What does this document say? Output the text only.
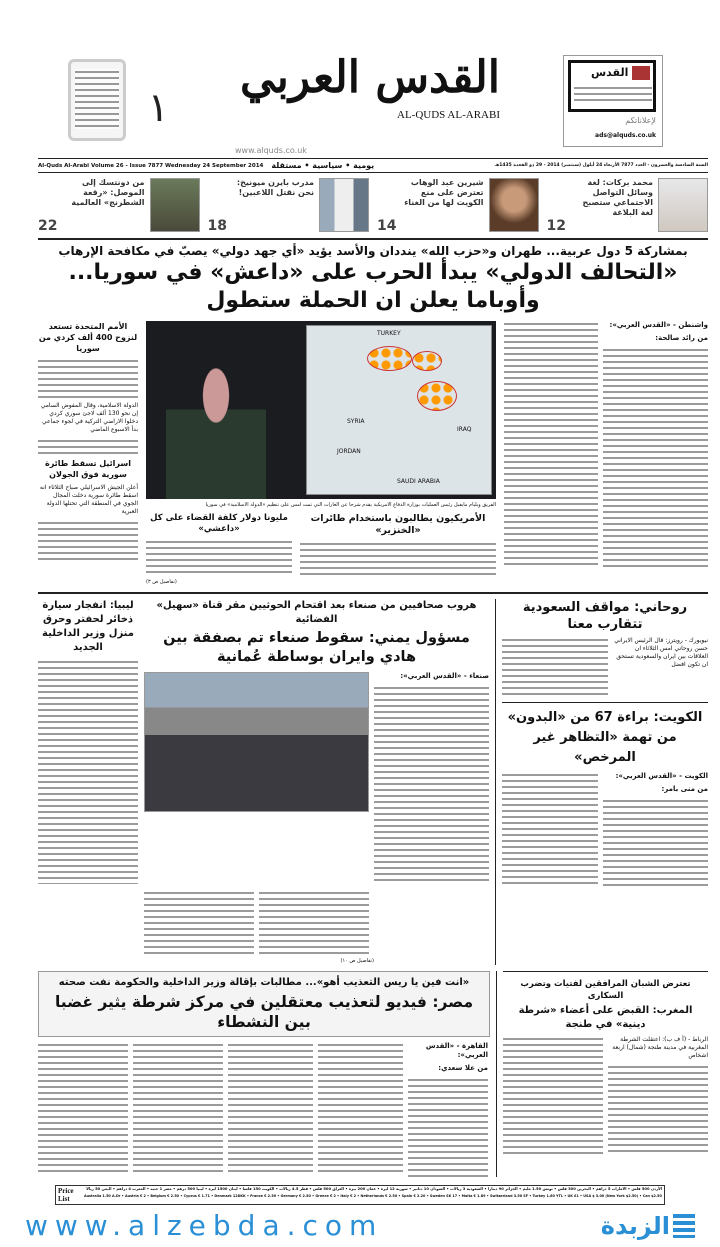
١
القدس العربي
AL-QUDS AL-ARABI
www.alquds.co.uk
القدس
لإعلاناتكم
ads@alquds.co.uk
Al-Quds Al-Arabi Volume 26 - Issue 7877 Wednesday 24 September 2014 يومية • سياسية • مستقلة	السنة السادسة والعشرون - العدد 7877 الأربعاء 24 أيلول (سبتمبر) 2014 - 29 ذو القعدة 1435هـ
محمد بركات: لغة وسائل التواصل الاجتماعي ستصبح لغة البلاغة
12
شيرين عبد الوهاب تعترض على منع الكويت لها من الغناء
14
مدرب بايرن ميونيخ: نحن نقتل اللاعبين!
18
من دونتسك إلى الموصل: «رقعة الشطرنج» العالمية
22
بمشاركة 5 دول عربية... طهران و«حزب الله» ينددان والأسد يؤيد «أي جهد دولي» يصبّ في مكافحة الإرهاب
«التحالف الدولي» يبدأ الحرب على «داعش» في سوريا... وأوباما يعلن ان الحملة ستطول
الأمم المتحدة تستعد لنزوح 400 ألف كردي من سوريا
الدولة الاسلامية، وقال المفوض السامي إن نحو 130 ألف لاجئ سوري كردي دخلوا الاراضي التركية في لجوء جماعي بدأ الاسبوع الماضي
اسرائيل تسقط طائرة سورية فوق الجولان
أعلن الجيش الاسرائيلي صباح الثلاثاء انه اسقط طائرة سورية دخلت المجال الجوي في المنطقة التي تحتلها الدولة العبرية
TURKEY
SYRIA
IRAQ
JORDAN
SAUDI ARABIA
الفريق ويليام مايفيل رئيس العمليات بوزارة الدفاع الامريكية يقدم شرحا عن الغارات التي تمت امس على تنظيم «الدولة الاسلامية» في سوريا
مليونا دولار كلفة القضاء على كل «داعشي»
(تفاصيل ص ٣)
الأمريكيون يطالبون باستخدام طائرات «الخنزير»
واشنطن - «القدس العربي»:
من رائد صالحة:
ليبيا: انفجار سيارة ذخائر لحفتر وحرق منزل وزير الداخلية الجديد
هروب صحافيين من صنعاء بعد اقتحام الحوثيين مقر قناة «سهيل» الفضائية
مسؤول يمني: سقوط صنعاء تم بصفقة بين هادي وايران بوساطة عُمانية
صنعاء - «القدس العربي»:
(تفاصيل ص ١٠)
روحاني: مواقف السعودية تتقارب معنا
نيويورك - رويترز: قال الرئيس الايراني حسن روحاني امس الثلاثاء ان العلاقات بين ايران والسعودية تستحق ان تكون افضل
الكويت: براءة 67 من «البدون» من تهمة «التظاهر غير المرخص»
الكويت - «القدس العربي»:
من منى بامر:
«انت فين يا ريس التعذيب أهو»... مطالبات بإقالة وزير الداخلية والحكومة نفت صحته
مصر: فيديو لتعذيب معتقلين في مركز شرطة يثير غضبا بين النشطاء
القاهرة - «القدس العربي»:
من علا سعدي:
تعترض الشبان المرافقين لفتيات وتضرب السكارى
المغرب: القبض على أعضاء «شرطة دينية» في طنجة
الرباط - (أ ف ب): اعتقلت الشرطة المغربية في مدينة طنجة (شمال) اربعة اشخاص
Price List
الأردن 500 فلس • الامارات 5 دراهم • البحرين 300 فلس • تونس 1.50 مليم • الجزائر 90 دينارا • السعودية 3 ريالات • السودان 10 دنانير • سورية 12 ليرة • عمان 200 بيزة • العراق 500 فلس • قطر 4.5 ريالات • الكويت 150 فلسا • لبنان 1500 ليرة • ليبيا 500 درهم • مصر 1 جنيه • المغرب 4 دراهم • اليمن 50 ريالا
Australia 1.50 A.Dr • Austria € 2 • Belgium € 2.50 • Cyprus € 1.71 • Denmark 12DKK • France € 2.50 • Germany € 2.50 • Greece € 2 • Italy € 2 • Netherlands € 2.50 • Spain € 2.20 • Sweden SK 17 • Malta € 1.89 • Switzerland 3.50 SF • Turkey 1.60 YTL • UK £1 • USA $ 3.00 (New York $2.50) • Can $2.50
www.alzebda.com	الزبدة
